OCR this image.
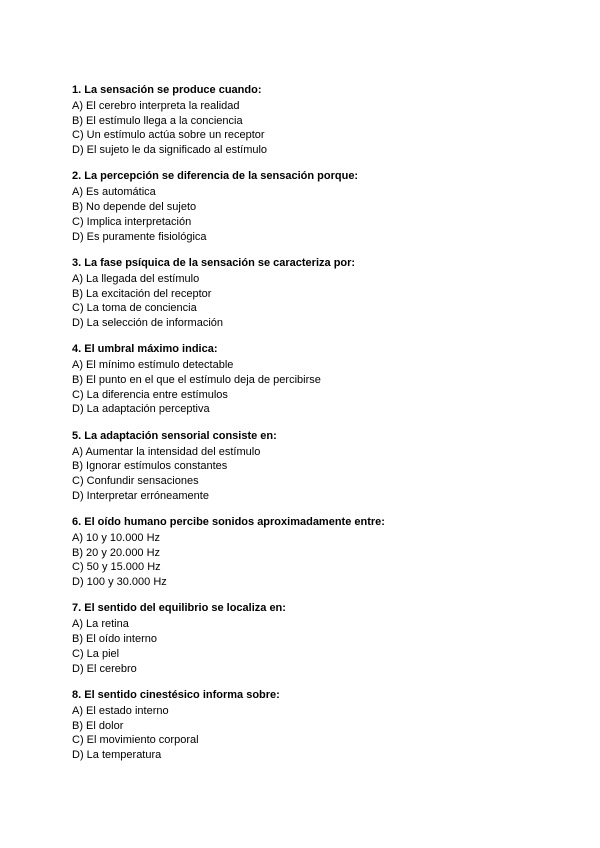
1. La sensación se produce cuando:
A) El cerebro interpreta la realidad
B) El estímulo llega a la conciencia
C) Un estímulo actúa sobre un receptor
D) El sujeto le da significado al estímulo
2. La percepción se diferencia de la sensación porque:
A) Es automática
B) No depende del sujeto
C) Implica interpretación
D) Es puramente fisiológica
3. La fase psíquica de la sensación se caracteriza por:
A) La llegada del estímulo
B) La excitación del receptor
C) La toma de conciencia
D) La selección de información
4. El umbral máximo indica:
A) El mínimo estímulo detectable
B) El punto en el que el estímulo deja de percibirse
C) La diferencia entre estímulos
D) La adaptación perceptiva
5. La adaptación sensorial consiste en:
A) Aumentar la intensidad del estímulo
B) Ignorar estímulos constantes
C) Confundir sensaciones
D) Interpretar erróneamente
6. El oído humano percibe sonidos aproximadamente entre:
A) 10 y 10.000 Hz
B) 20 y 20.000 Hz
C) 50 y 15.000 Hz
D) 100 y 30.000 Hz
7. El sentido del equilibrio se localiza en:
A) La retina
B) El oído interno
C) La piel
D) El cerebro
8. El sentido cinestésico informa sobre:
A) El estado interno
B) El dolor
C) El movimiento corporal
D) La temperatura
